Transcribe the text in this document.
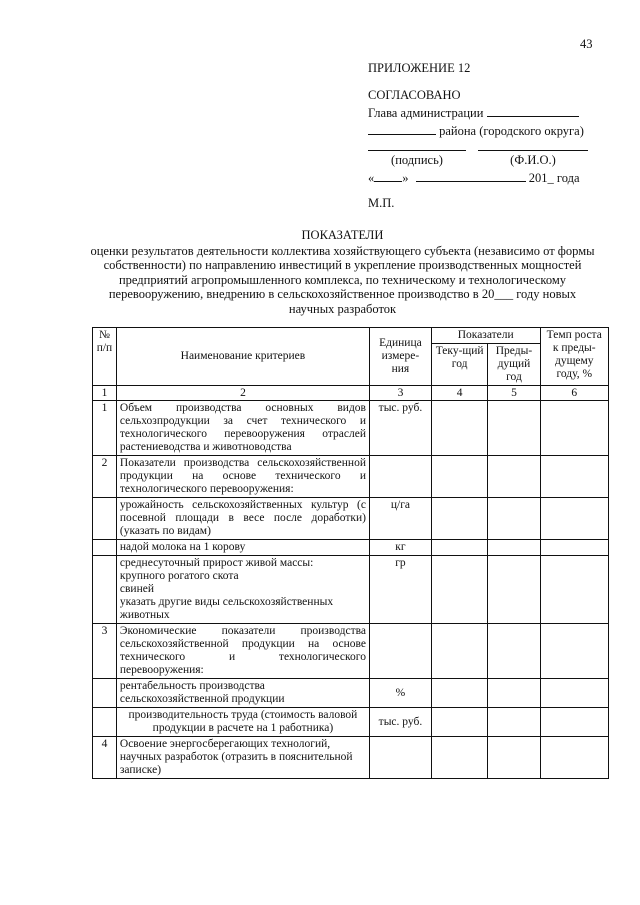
43
ПРИЛОЖЕНИЕ 12
СОГЛАСОВАНО
Глава администрации
района (городского округа)
(подпись)	(Ф.И.О.)
« »	201_ года
М.П.
ПОКАЗАТЕЛИ
оценки результатов деятельности коллектива хозяйствующего субъекта (независимо от формы собственности) по направлению инвестиций в укрепление производственных мощностей предприятий агропромышленного комплекса, по техническому и технологическому перевооружению, внедрению в сельскохозяйственное производство в 20___ году новых научных разработок
№ п/п	Наименование критериев	Единица измере-ния	Показатели		Темп роста к преды-дущему году, %
			Теку-щий год	Преды-дущий год	
1	2	3	4	5	6
1	Объем производства основных видов сельхозпродукции за счет технического и технологического перевооружения отраслей растениеводства и животноводства	тыс. руб.			
2	Показатели производства сельскохозяйственной продукции на основе технического и технологического перевооружения:				
	урожайность сельскохозяйственных культур (с посевной площади в весе после доработки) (указать по видам)	ц/га			
	надой молока на 1 корову	кг			

	среднесуточный прирост живой массы:
крупного рогатого скота
свиней
указать другие виды сельскохозяйственных животных	гр			
3	Экономические показатели производства сельскохозяйственной продукции на основе технического и технологического перевооружения:				
	рентабельность производства сельскохозяйственной продукции	%			
	производительность труда (стоимость валовой продукции в расчете на 1 работника)	тыс. руб.			
4	Освоение энергосберегающих технологий, научных разработок (отразить в пояснительной записке)				
